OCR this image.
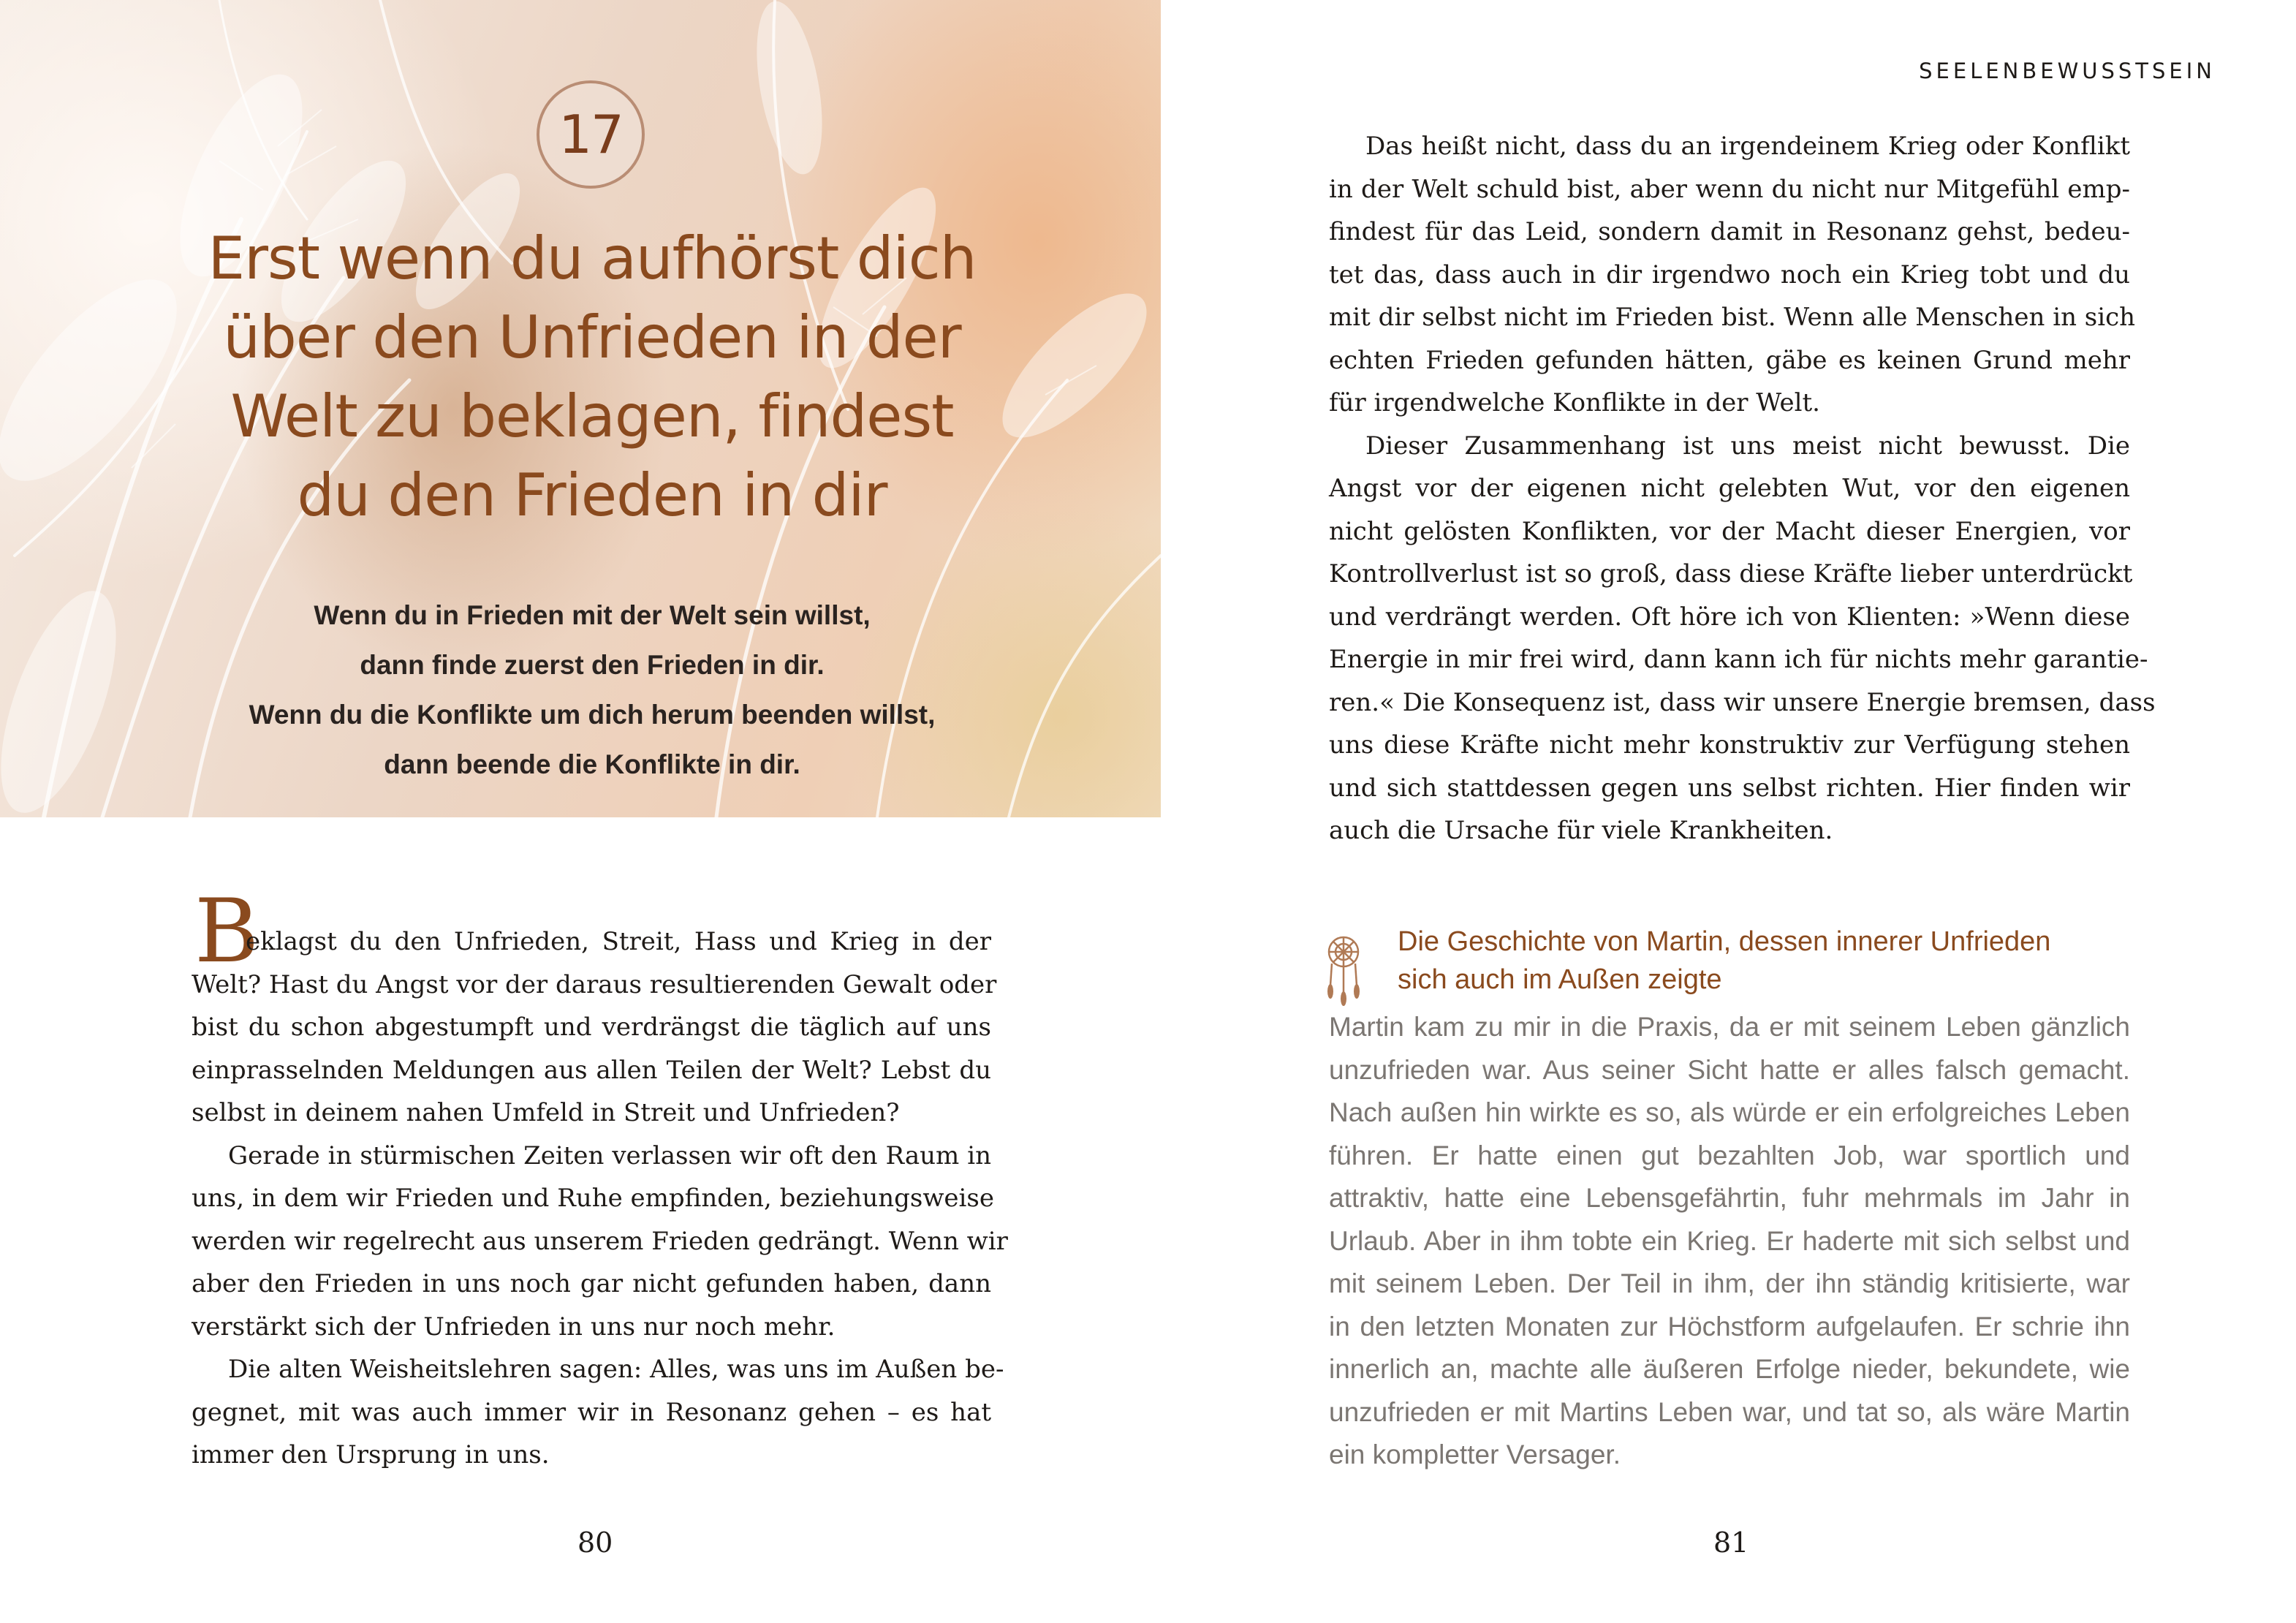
17
Erst wenn du aufhörst dich
über den Unfrieden in der
Welt zu beklagen, findest
du den Frieden in dir
Wenn du in Frieden mit der Welt sein willst,
dann finde zuerst den Frieden in dir.
Wenn du die Konflikte um dich herum beenden willst,
dann beende die Konflikte in dir.
B
eklagst du den Unfrieden, Streit, Hass und Krieg in der
Welt? Hast du Angst vor der daraus resultierenden Gewalt oder
bist du schon abgestumpft und verdrängst die täglich auf uns
einprasselnden Meldungen aus allen Teilen der Welt? Lebst du
selbst in deinem nahen Umfeld in Streit und Unfrieden?
Gerade in stürmischen Zeiten verlassen wir oft den Raum in
uns, in dem wir Frieden und Ruhe empfinden, beziehungsweise
werden wir regelrecht aus unserem Frieden gedrängt. Wenn wir
aber den Frieden in uns noch gar nicht gefunden haben, dann
verstärkt sich der Unfrieden in uns nur noch mehr.
Die alten Weisheitslehren sagen: Alles, was uns im Außen be-
gegnet, mit was auch immer wir in Resonanz gehen – es hat
immer den Ursprung in uns.
80
SEELENBEWUSSTSEIN
Das heißt nicht, dass du an irgendeinem Krieg oder Konflikt
in der Welt schuld bist, aber wenn du nicht nur Mitgefühl emp-
findest für das Leid, sondern damit in Resonanz gehst, bedeu-
tet das, dass auch in dir irgendwo noch ein Krieg tobt und du
mit dir selbst nicht im Frieden bist. Wenn alle Menschen in sich
echten Frieden gefunden hätten, gäbe es keinen Grund mehr
für irgendwelche Konflikte in der Welt.
Dieser Zusammenhang ist uns meist nicht bewusst. Die
Angst vor der eigenen nicht gelebten Wut, vor den eigenen
nicht gelösten Konflikten, vor der Macht dieser Energien, vor
Kontrollverlust ist so groß, dass diese Kräfte lieber unterdrückt
und verdrängt werden. Oft höre ich von Klienten: »Wenn diese
Energie in mir frei wird, dann kann ich für nichts mehr garantie-
ren.« Die Konsequenz ist, dass wir unsere Energie bremsen, dass
uns diese Kräfte nicht mehr konstruktiv zur Verfügung stehen
und sich stattdessen gegen uns selbst richten. Hier finden wir
auch die Ursache für viele Krankheiten.
Die Geschichte von Martin, dessen innerer Unfrieden
sich auch im Außen zeigte
Martin kam zu mir in die Praxis, da er mit seinem Leben gänzlich
unzufrieden war. Aus seiner Sicht hatte er alles falsch gemacht.
Nach außen hin wirkte es so, als würde er ein erfolgreiches Leben
führen. Er hatte einen gut bezahlten Job, war sportlich und
attraktiv, hatte eine Lebensgefährtin, fuhr mehrmals im Jahr in
Urlaub. Aber in ihm tobte ein Krieg. Er haderte mit sich selbst und
mit seinem Leben. Der Teil in ihm, der ihn ständig kritisierte, war
in den letzten Monaten zur Höchstform aufgelaufen. Er schrie ihn
innerlich an, machte alle äußeren Erfolge nieder, bekundete, wie
unzufrieden er mit Martins Leben war, und tat so, als wäre Martin
ein kompletter Versager.
81
